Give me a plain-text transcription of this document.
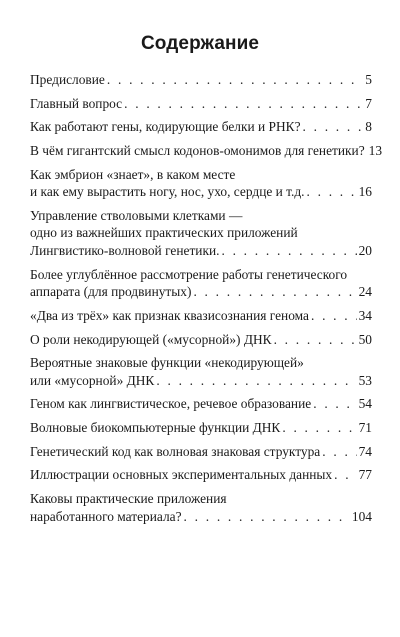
Содержание
Предисловие . . .	5
Главный вопрос . . .	7
Как работают гены, кодирующие белки и РНК? . . .	8
В чём гигантский смысл кодонов-омонимов для генетики? 13
Как эмбрион «знает», в каком месте
и как ему вырастить ногу, нос, ухо, сердце и т.д. . . .	16
Управление стволовыми клетками —
одно из важнейших практических приложений
Лингвистико-волновой генетики. . . .	20
Более углублённое рассмотрение работы генетического
аппарата (для продвинутых) . . .	24
«Два из трёх» как признак квазисознания генома . . .	34
О роли некодирующей («мусорной») ДНК . . .	50
Вероятные знаковые функции «некодирующей»
или «мусорной» ДНК . . .	53
Геном как лингвистическое, речевое образование . . .	54
Волновые биокомпьютерные функции ДНК . . .	71
Генетический код как волновая знаковая структура . . .	74
Иллюстрации основных экспериментальных данных . . . 77
Каковы практические приложения
наработанного материала? . . .	104
